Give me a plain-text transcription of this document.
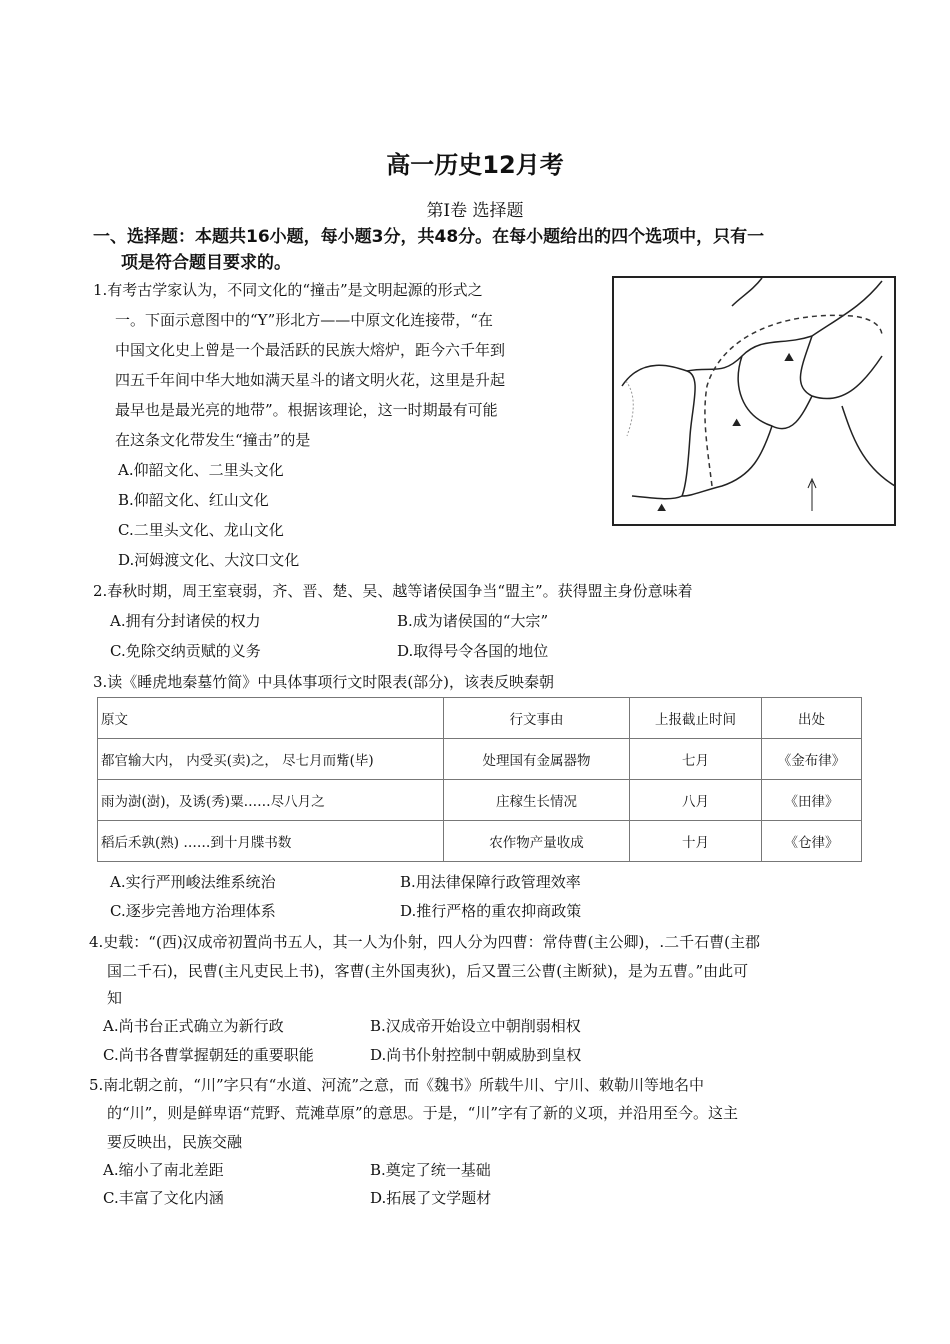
高一历史12月考
第Ⅰ卷 选择题
一、选择题：本题共16小题，每小题3分，共48分。在每小题给出的四个选项中，只有一
项是符合题目要求的。
1.有考古学家认为，不同文化的“撞击”是文明起源的形式之
一。下面示意图中的“Y”形北方——中原文化连接带，“在
中国文化史上曾是一个最活跃的民族大熔炉，距今六千年到
四五千年间中华大地如满天星斗的诸文明火花，这里是升起
最早也是最光亮的地带”。根据该理论，这一时期最有可能
在这条文化带发生“撞击”的是
A.仰韶文化、二里头文化
B.仰韶文化、红山文化
C.二里头文化、龙山文化
D.河姆渡文化、大汶口文化
⛰
⛰
⛰
2.春秋时期，周王室衰弱，齐、晋、楚、吴、越等诸侯国争当“盟主”。获得盟主身份意味着
A.拥有分封诸侯的权力	B.成为诸侯国的“大宗”
C.免除交纳贡赋的义务	D.取得号令各国的地位
3.读《睡虎地秦墓竹简》中具体事项行文时限表(部分)，该表反映秦朝
原文	行文事由	上报截止时间	出处
都官输大内， 内受买(卖)之， 尽七月而觜(毕)	处理国有金属器物	七月	《金布律》
雨为澍(澍)，及诱(秀)粟……尽八月之	庄稼生长情况	八月	《田律》
稻后禾孰(熟) ……到十月牒书数	农作物产量收成	十月	《仓律》
A.实行严刑峻法维系统治	B.用法律保障行政管理效率
C.逐步完善地方治理体系	D.推行严格的重农抑商政策
4.史载：“(西)汉成帝初置尚书五人，其一人为仆射，四人分为四曹：常侍曹(主公卿)，.二千石曹(主郡
国二千石)，民曹(主凡吏民上书)，客曹(主外国夷狄)，后又置三公曹(主断狱)，是为五曹。”由此可
知
A.尚书台正式确立为新行政	B.汉成帝开始设立中朝削弱相权
C.尚书各曹掌握朝廷的重要职能	D.尚书仆射控制中朝威胁到皇权
5.南北朝之前，“川”字只有“水道、河流”之意，而《魏书》所载牛川、宁川、敕勒川等地名中
的“川”，则是鲜卑语“荒野、荒滩草原”的意思。于是，“川”字有了新的义项，并沿用至今。这主
要反映出，民族交融
A.缩小了南北差距	B.奠定了统一基础
C.丰富了文化内涵	D.拓展了文学题材
